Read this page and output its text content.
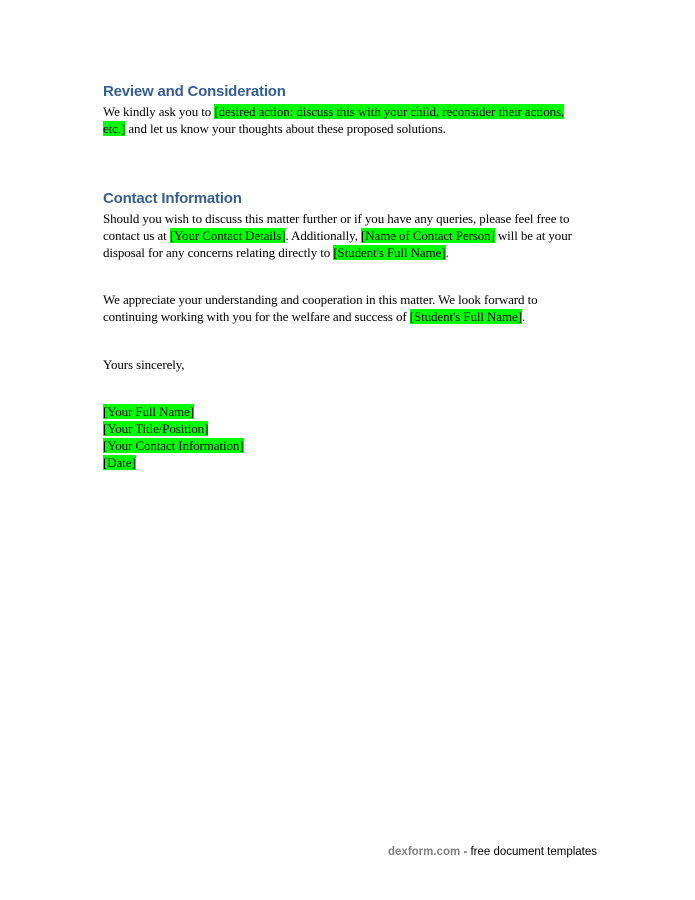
Review and Consideration
We kindly ask you to [desired action: discuss this with your child, reconsider their actions,
etc.] and let us know your thoughts about these proposed solutions.
Contact Information
Should you wish to discuss this matter further or if you have any queries, please feel free to
contact us at [Your Contact Details]. Additionally, [Name of Contact Person] will be at your
disposal for any concerns relating directly to [Student's Full Name].
We appreciate your understanding and cooperation in this matter. We look forward to
continuing working with you for the welfare and success of [Student's Full Name].
Yours sincerely,
[Your Full Name]
[Your Title/Position]
[Your Contact Information]
[Date]
dexform.com - free document templates
